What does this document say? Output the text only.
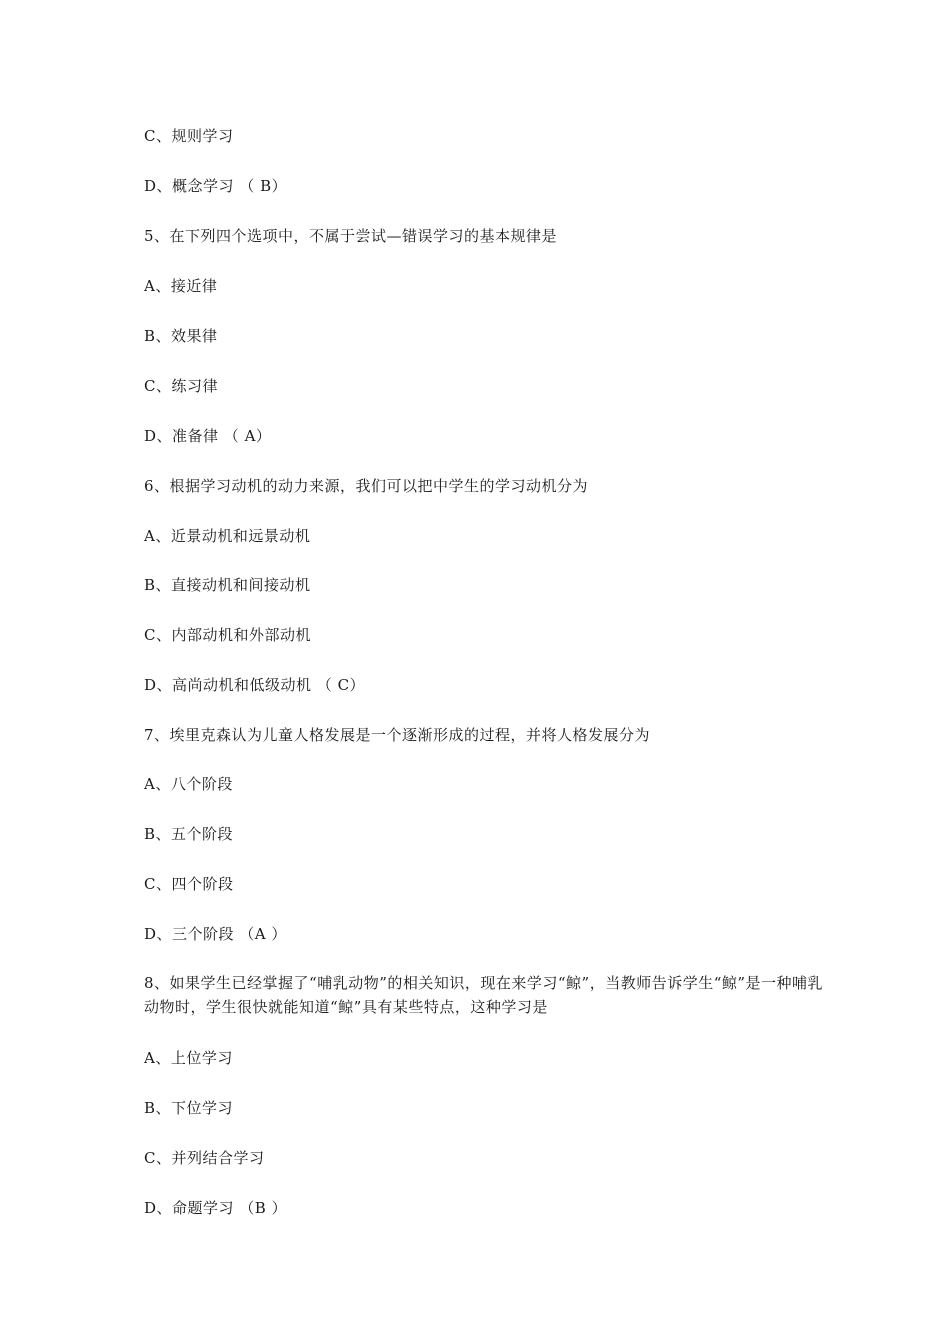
C、规则学习
D、概念学习 （ B）
5、在下列四个选项中，不属于尝试—错误学习的基本规律是
A、接近律
B、效果律
C、练习律
D、准备律 （ A）
6、根据学习动机的动力来源，我们可以把中学生的学习动机分为
A、近景动机和远景动机
B、直接动机和间接动机
C、内部动机和外部动机
D、高尚动机和低级动机 （ C）
7、埃里克森认为儿童人格发展是一个逐渐形成的过程，并将人格发展分为
A、八个阶段
B、五个阶段
C、四个阶段
D、三个阶段 （A ）
8、如果学生已经掌握了“哺乳动物”的相关知识，现在来学习“鲸”，当教师告诉学生“鲸”是一种哺乳动物时，学生很快就能知道“鲸”具有某些特点，这种学习是
A、上位学习
B、下位学习
C、并列结合学习
D、命题学习 （B ）
